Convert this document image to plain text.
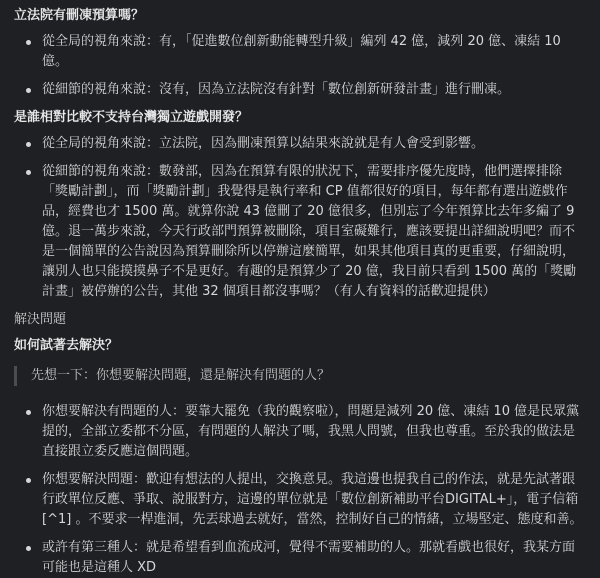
立法院有刪凍預算嗎？
從全局的視角來說：有，「促進數位創新動能轉型升級」編列 42 億，減列 20 億、凍結 10 億。
從細節的視角來說：沒有，因為立法院沒有針對「數位創新研發計畫」進行刪凍。
是誰相對比較不支持台灣獨立遊戲開發？
從全局的視角來說：立法院，因為刪凍預算以結果來說就是有人會受到影響。
從細節的視角來說：數發部，因為在預算有限的狀況下，需要排序優先度時，他們選擇排除「獎勵計劃」，而「獎勵計劃」我覺得是執行率和 CP 值都很好的項目，每年都有選出遊戲作品，經費也才 1500 萬。就算你說 43 億刪了 20 億很多，但別忘了今年預算比去年多編了 9 億。退一萬步來說，今天行政部門預算被刪除，項目室礙難行，應該要提出詳細說明吧？而不是一個簡單的公告說因為預算刪除所以停辦這麼簡單，如果其他項目真的更重要，仔細說明，讓別人也只能摸摸鼻子不是更好。有趣的是預算少了 20 億，我目前只看到 1500 萬的「獎勵計畫」被停辦的公告，其他 32 個項目都沒事嗎？（有人有資料的話歡迎提供）
解決問題
如何試著去解決？
先想一下：你想要解決問題，還是解決有問題的人？
你想要解決有問題的人：要靠大罷免（我的觀察啦），問題是減列 20 億、凍結 10 億是民眾黨提的，全部立委都不分區，有問題的人解決了嗎，我黑人問號，但我也尊重。至於我的做法是直接跟立委反應這個問題。
你想要解決問題：歡迎有想法的人提出，交換意見。我這邊也提我自己的作法，就是先試著跟行政單位反應、爭取、說服對方，這邊的單位就是「數位創新補助平台DIGITAL+」，電子信箱 [^1] 。不要求一桿進洞，先丟球過去就好，當然，控制好自己的情緒，立場堅定、態度和善。
或許有第三種人：就是希望看到血流成河，覺得不需要補助的人。那就看戲也很好，我某方面可能也是這種人 XD
